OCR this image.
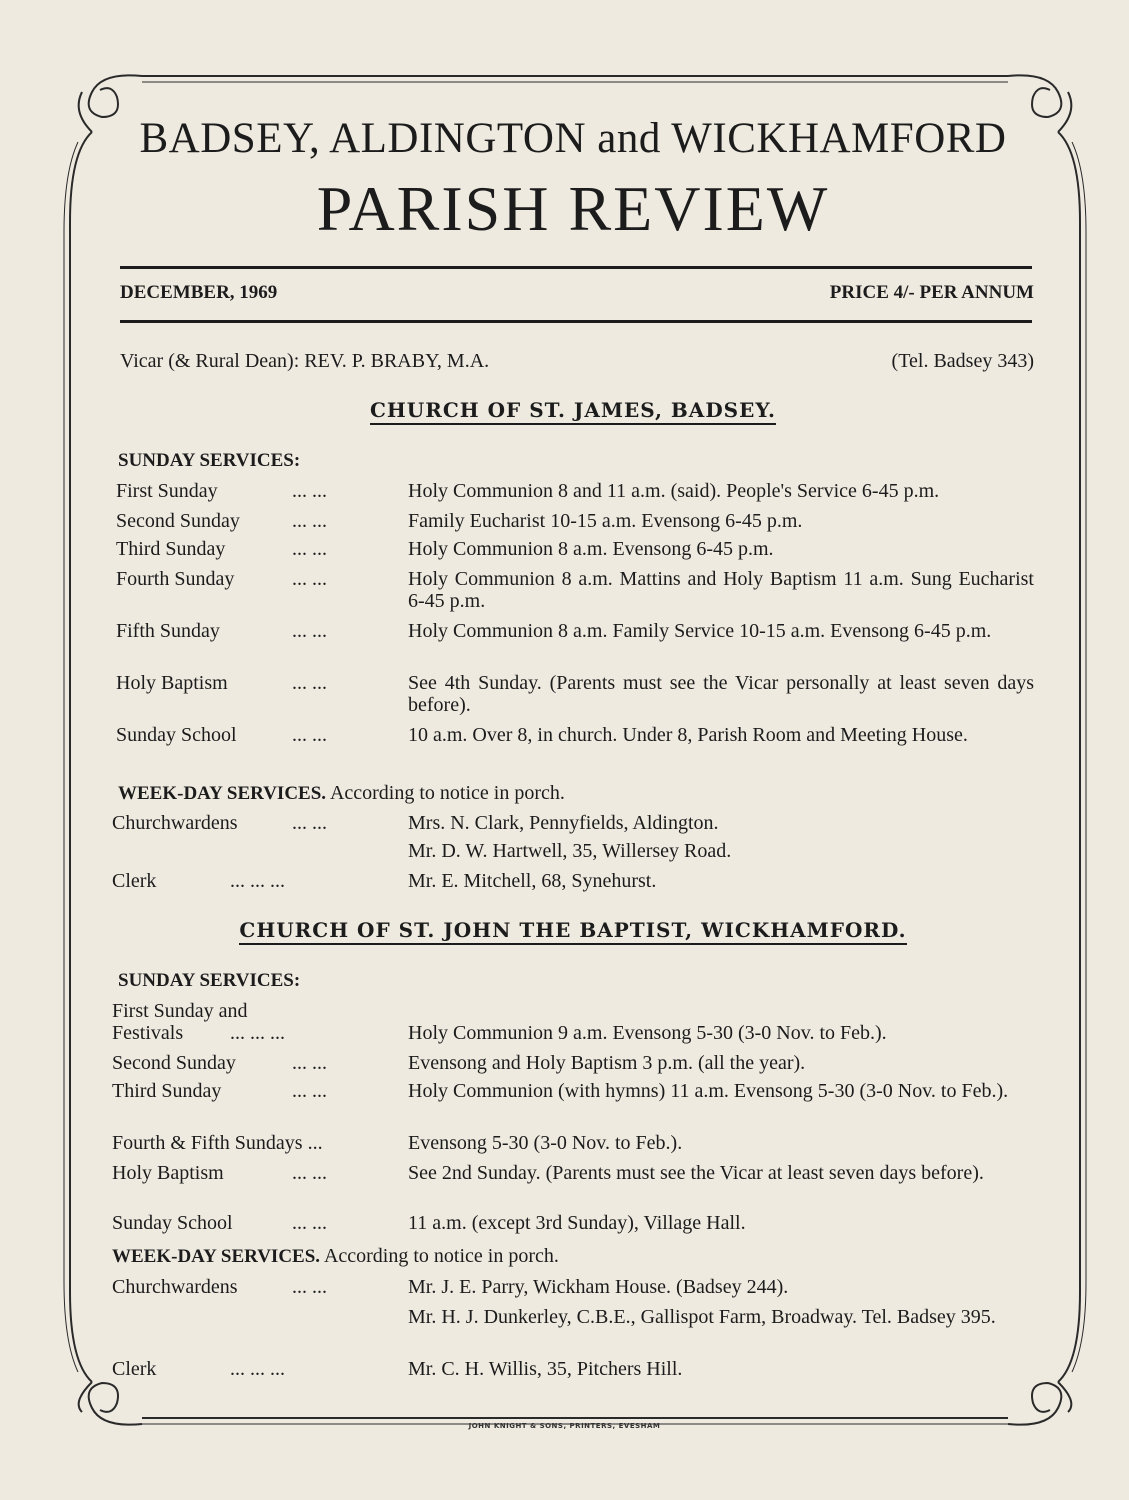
BADSEY, ALDINGTON and WICKHAMFORD
PARISH REVIEW
DECEMBER, 1969	PRICE 4/- PER ANNUM
Vicar (& Rural Dean): REV. P. BRABY, M.A.	(Tel. Badsey 343)
CHURCH OF ST. JAMES, BADSEY.
SUNDAY SERVICES:
First Sunday	... ...	Holy Communion 8 and 11 a.m. (said). People's Service 6-45 p.m.
Second Sunday	... ...	Family Eucharist 10-15 a.m. Evensong 6-45 p.m.
Third Sunday	... ...	Holy Communion 8 a.m. Evensong 6-45 p.m.
Fourth Sunday	... ...	Holy Communion 8 a.m. Mattins and Holy Baptism 11 a.m. Sung Eucharist 6-45 p.m.
Fifth Sunday	... ...	Holy Communion 8 a.m. Family Service 10-15 a.m. Evensong 6-45 p.m.
Holy Baptism	... ...	See 4th Sunday. (Parents must see the Vicar personally at least seven days before).
Sunday School	... ...	10 a.m. Over 8, in church. Under 8, Parish Room and Meeting House.
WEEK-DAY SERVICES. According to notice in porch.
Churchwardens	... ...	Mrs. N. Clark, Pennyfields, Aldington.
Mr. D. W. Hartwell, 35, Willersey Road.
Clerk	... ... ...	Mr. E. Mitchell, 68, Synehurst.
CHURCH OF ST. JOHN THE BAPTIST, WICKHAMFORD.
SUNDAY SERVICES:
First Sunday and
Festivals ... ... ...	Holy Communion 9 a.m. Evensong 5-30 (3-0 Nov. to Feb.).
Second Sunday	... ...	Evensong and Holy Baptism 3 p.m. (all the year).
Third Sunday	... ...	Holy Communion (with hymns) 11 a.m. Evensong 5-30 (3-0 Nov. to Feb.).
Fourth & Fifth Sundays ...	Evensong 5-30 (3-0 Nov. to Feb.).
Holy Baptism	... ...	See 2nd Sunday. (Parents must see the Vicar at least seven days before).
Sunday School	... ...	11 a.m. (except 3rd Sunday), Village Hall.
WEEK-DAY SERVICES. According to notice in porch.
Churchwardens	... ...	Mr. J. E. Parry, Wickham House. (Badsey 244).
Mr. H. J. Dunkerley, C.B.E., Gallispot Farm, Broadway. Tel. Badsey 395.
Clerk	... ... ...	Mr. C. H. Willis, 35, Pitchers Hill.
JOHN KNIGHT & SONS, PRINTERS, EVESHAM
